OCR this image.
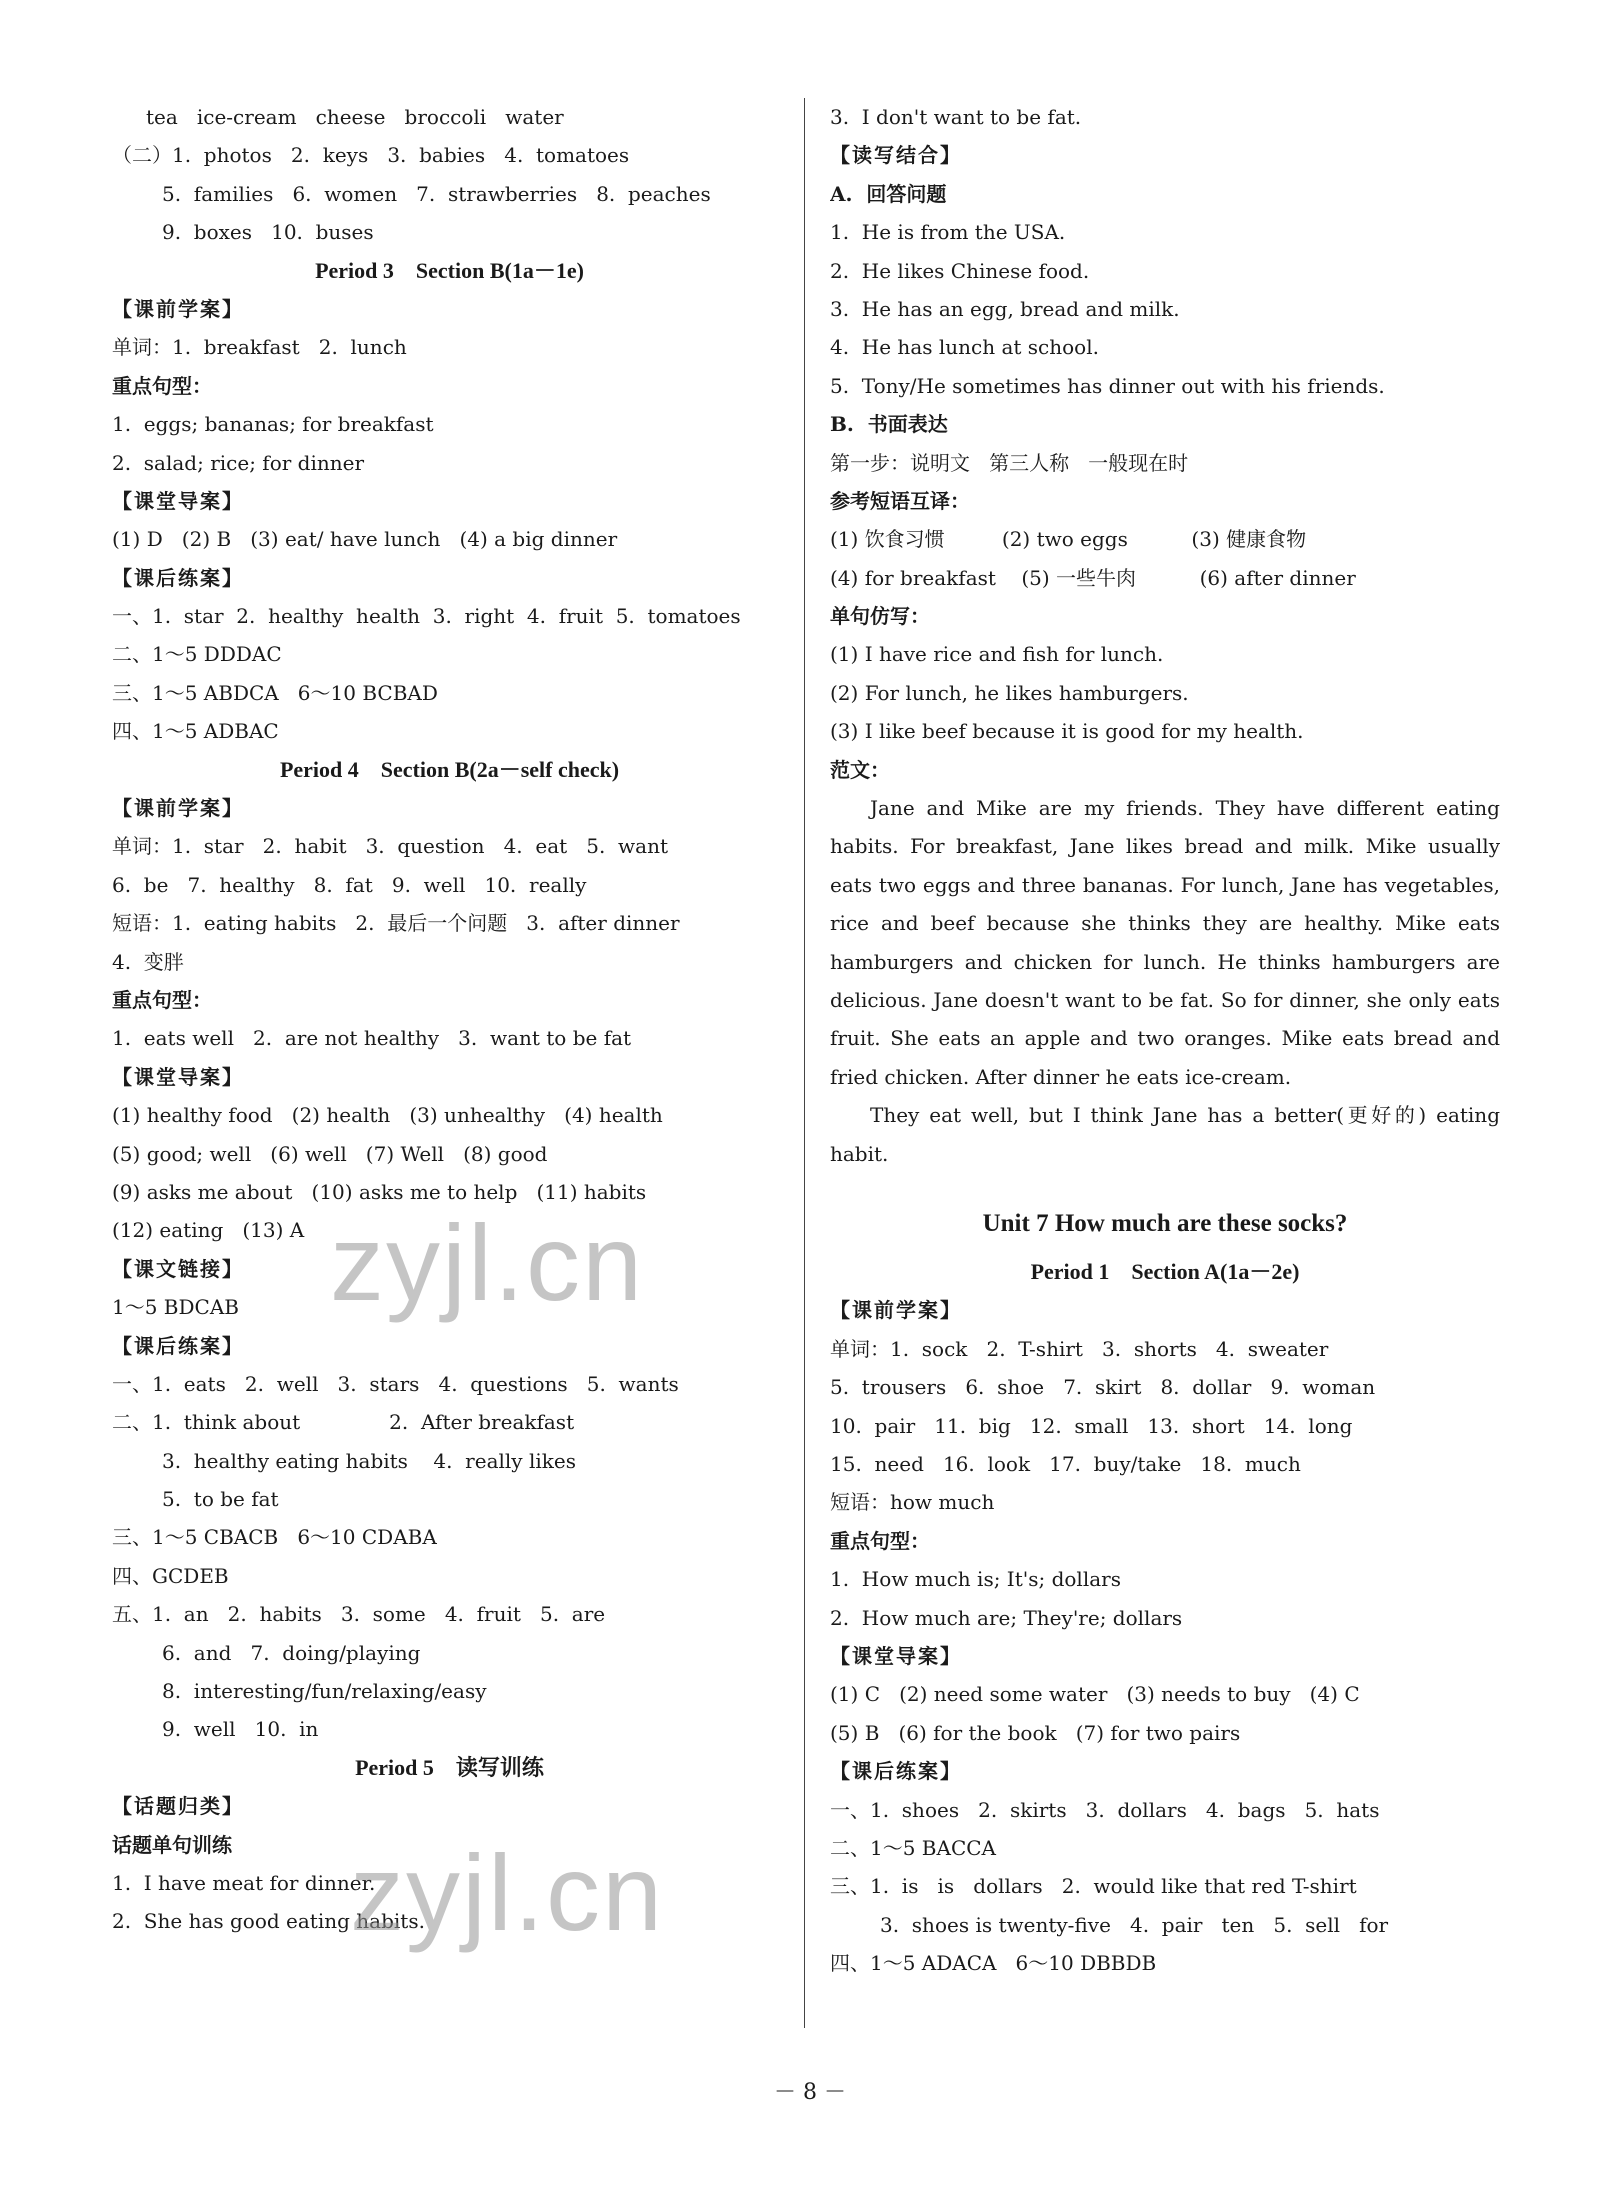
tea   ice-cream   cheese   broccoli   water
（二）1.  photos   2.  keys   3.  babies   4.  tomatoes
5.  families   6.  women   7.  strawberries   8.  peaches
9.  boxes   10.  buses
Period 3    Section B(1a－1e)
【课前学案】
单词：1.  breakfast   2.  lunch
重点句型：
1.  eggs; bananas; for breakfast
2.  salad; rice; for dinner
【课堂导案】
(1) D   (2) B   (3) eat/ have lunch   (4) a big dinner
【课后练案】
一、1.  star  2.  healthy  health  3.  right  4.  fruit  5.  tomatoes
二、1～5 DDDAC
三、1～5 ABDCA   6～10 BCBAD
四、1～5 ADBAC
Period 4    Section B(2a－self check)
【课前学案】
单词：1.  star   2.  habit   3.  question   4.  eat   5.  want
6.  be   7.  healthy   8.  fat   9.  well   10.  really
短语：1.  eating habits   2.  最后一个问题   3.  after dinner
4.  变胖
重点句型：
1.  eats well   2.  are not healthy   3.  want to be fat
【课堂导案】
(1) healthy food   (2) health   (3) unhealthy   (4) health
(5) good; well   (6) well   (7) Well   (8) good
(9) asks me about   (10) asks me to help   (11) habits
(12) eating   (13) A
【课文链接】
1～5 BDCAB
【课后练案】
一、1.  eats   2.  well   3.  stars   4.  questions   5.  wants
二、1.  think about              2.  After breakfast
3.  healthy eating habits    4.  really likes
5.  to be fat
三、1～5 CBACB   6～10 CDABA
四、GCDEB
五、1.  an   2.  habits   3.  some   4.  fruit   5.  are
6.  and   7.  doing/playing
8.  interesting/fun/relaxing/easy
9.  well   10.  in
Period 5    读写训练
【话题归类】
话题单句训练
1.  I have meat for dinner.
2.  She has good eating habits.
3.  I don't want to be fat.
【读写结合】
A.  回答问题
1.  He is from the USA.
2.  He likes Chinese food.
3.  He has an egg, bread and milk.
4.  He has lunch at school.
5.  Tony/He sometimes has dinner out with his friends.
B.  书面表达
第一步：说明文   第三人称   一般现在时
参考短语互译：
(1) 饮食习惯         (2) two eggs          (3) 健康食物
(4) for breakfast    (5) 一些牛肉          (6) after dinner
单句仿写：
(1) I have rice and fish for lunch.
(2) For lunch, he likes hamburgers.
(3) I like beef because it is good for my health.
范文：

Jane and Mike are my friends. They have different eating habits. For breakfast, Jane likes bread and milk. Mike usually eats two eggs and three bananas. For lunch, Jane has vegetables, rice and beef because she thinks they are healthy. Mike eats hamburgers and chicken for lunch. He thinks hamburgers are delicious. Jane doesn't want to be fat. So for dinner, she only eats fruit. She eats an apple and two oranges. Mike eats bread and fried chicken. After dinner he eats ice-cream.

They eat well, but I think Jane has a better(更好的) eating habit.

Unit 7 How much are these socks?
Period 1    Section A(1a－2e)
【课前学案】
单词：1.  sock   2.  T-shirt   3.  shorts   4.  sweater
5.  trousers   6.  shoe   7.  skirt   8.  dollar   9.  woman
10.  pair   11.  big   12.  small   13.  short   14.  long
15.  need   16.  look   17.  buy/take   18.  much
短语：how much
重点句型：
1.  How much is; It's; dollars
2.  How much are; They're; dollars
【课堂导案】
(1) C   (2) need some water   (3) needs to buy   (4) C
(5) B   (6) for the book   (7) for two pairs
【课后练案】
一、1.  shoes   2.  skirts   3.  dollars   4.  bags   5.  hats
二、1～5 BACCA
三、1.  is   is   dollars   2.  would like that red T-shirt
3.  shoes is twenty-five   4.  pair   ten   5.  sell   for
四、1～5 ADACA   6～10 DBBDB
zyjl.cn
zyjl.cn
－ 8 －
